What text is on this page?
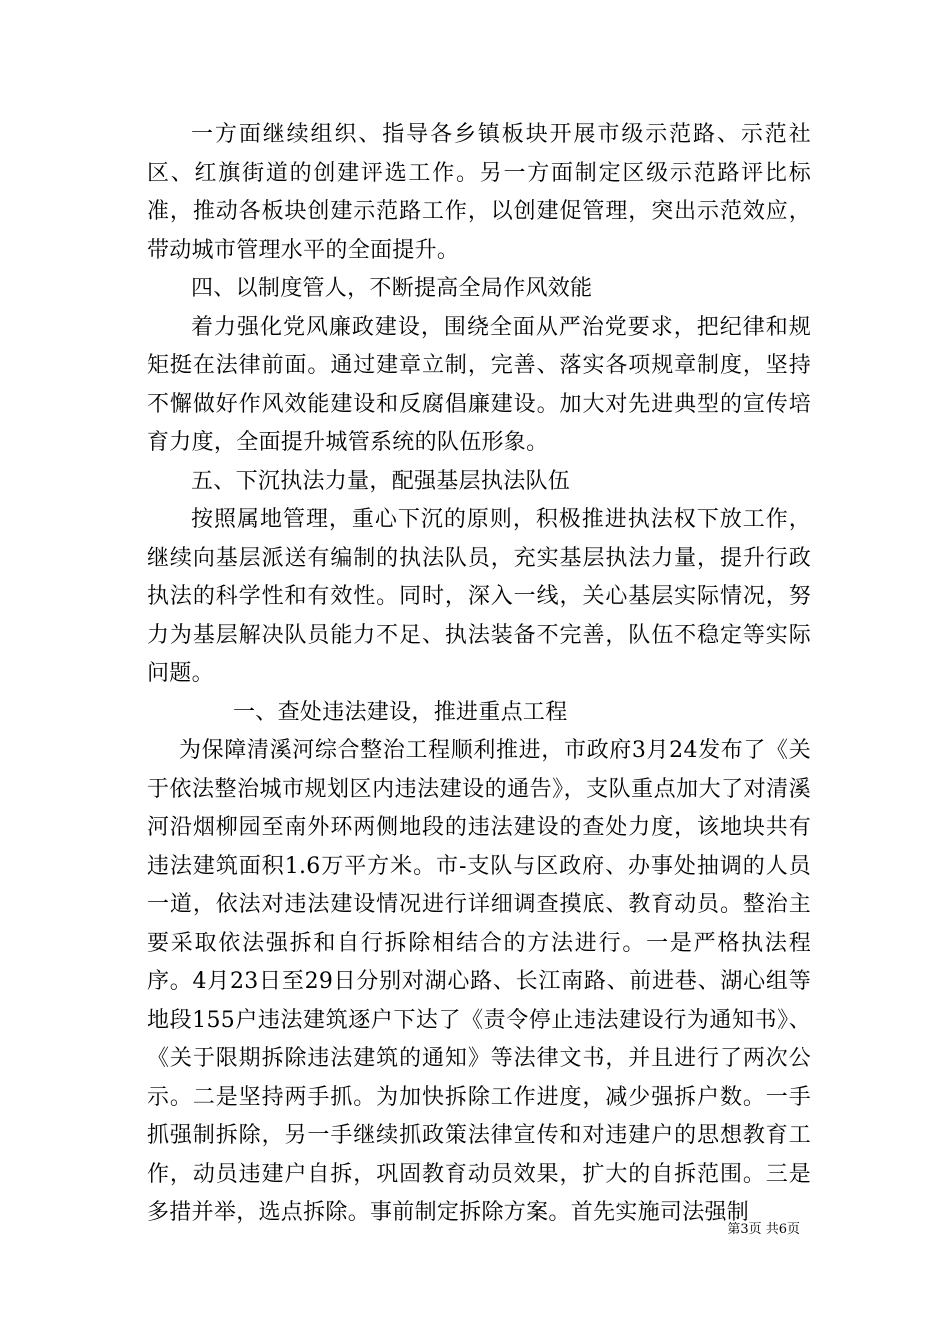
一方面继续组织、指导各乡镇板块开展市级示范路、示范社区、红旗街道的创建评选工作。另一方面制定区级示范路评比标准，推动各板块创建示范路工作，以创建促管理，突出示范效应，带动城市管理水平的全面提升。

四、以制度管人，不断提高全局作风效能

着力强化党风廉政建设，围绕全面从严治党要求，把纪律和规矩挺在法律前面。通过建章立制，完善、落实各项规章制度，坚持不懈做好作风效能建设和反腐倡廉建设。加大对先进典型的宣传培育力度，全面提升城管系统的队伍形象。

五、下沉执法力量，配强基层执法队伍

按照属地管理，重心下沉的原则，积极推进执法权下放工作，继续向基层派送有编制的执法队员，充实基层执法力量，提升行政执法的科学性和有效性。同时，深入一线，关心基层实际情况，努力为基层解决队员能力不足、执法装备不完善，队伍不稳定等实际问题。

一、查处违法建设，推进重点工程

为保障清溪河综合整治工程顺利推进，市政府3月24发布了《关于依法整治城市规划区内违法建设的通告》，支队重点加大了对清溪河沿烟柳园至南外环两侧地段的违法建设的查处力度，该地块共有违法建筑面积1.6万平方米。市-支队与区政府、办事处抽调的人员一道，依法对违法建设情况进行详细调查摸底、教育动员。整治主要采取依法强拆和自行拆除相结合的方法进行。一是严格执法程序。4月23日至29日分别对湖心路、长江南路、前进巷、湖心组等地段155户违法建筑逐户下达了《责令停止违法建设行为通知书》、《关于限期拆除违法建筑的通知》等法律文书，并且进行了两次公示。二是坚持两手抓。为加快拆除工作进度，减少强拆户数。一手抓强制拆除，另一手继续抓政策法律宣传和对违建户的思想教育工作，动员违建户自拆，巩固教育动员效果，扩大的自拆范围。三是多措并举，选点拆除。事前制定拆除方案。首先实施司法强制

第3页 共6页
